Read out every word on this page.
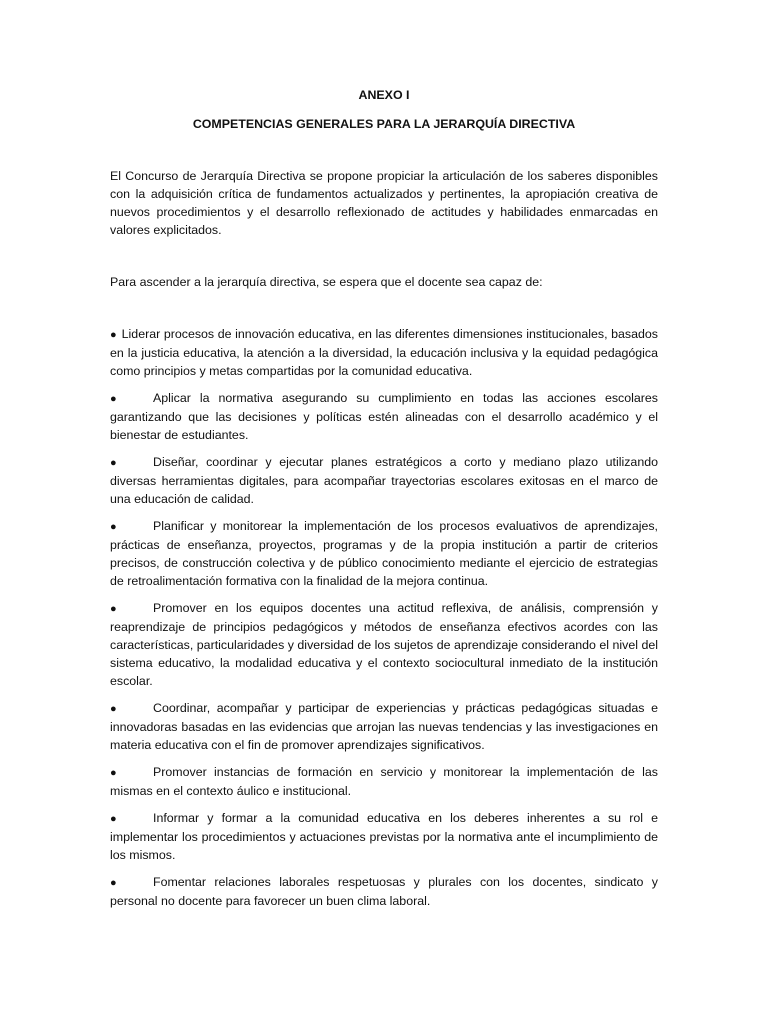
ANEXO I

COMPETENCIAS GENERALES PARA LA JERARQUÍA DIRECTIVA

El Concurso de Jerarquía Directiva se propone propiciar la articulación de los saberes disponibles con la adquisición crítica de fundamentos actualizados y pertinentes, la apropiación creativa de nuevos procedimientos y el desarrollo reflexionado de actitudes y habilidades enmarcadas en valores explicitados.

Para ascender a la jerarquía directiva, se espera que el docente sea capaz de:

● Liderar procesos de innovación educativa, en las diferentes dimensiones institucionales, basados en la justicia educativa, la atención a la diversidad, la educación inclusiva y la equidad pedagógica como principios y metas compartidas por la comunidad educativa.
●	Aplicar la normativa asegurando su cumplimiento en todas las acciones escolares garantizando que las decisiones y políticas estén alineadas con el desarrollo académico y el bienestar de estudiantes.
●	Diseñar, coordinar y ejecutar planes estratégicos a corto y mediano plazo utilizando diversas herramientas digitales, para acompañar trayectorias escolares exitosas en el marco de una educación de calidad.
●	Planificar y monitorear la implementación de los procesos evaluativos de aprendizajes, prácticas de enseñanza, proyectos, programas y de la propia institución a partir de criterios precisos, de construcción colectiva y de público conocimiento mediante el ejercicio de estrategias de retroalimentación formativa con la finalidad de la mejora continua.
●	Promover en los equipos docentes una actitud reflexiva, de análisis, comprensión y reaprendizaje de principios pedagógicos y métodos de enseñanza efectivos acordes con las características, particularidades y diversidad de los sujetos de aprendizaje considerando el nivel del sistema educativo, la modalidad educativa y el contexto sociocultural inmediato de la institución escolar.
●	Coordinar, acompañar y participar de experiencias y prácticas pedagógicas situadas e innovadoras basadas en las evidencias que arrojan las nuevas tendencias y las investigaciones en materia educativa con el fin de promover aprendizajes significativos.
●	Promover instancias de formación en servicio y monitorear la implementación de las mismas en el contexto áulico e institucional.
●	Informar y formar a la comunidad educativa en los deberes inherentes a su rol e implementar los procedimientos y actuaciones previstas por la normativa ante el incumplimiento de los mismos.
●	Fomentar relaciones laborales respetuosas y plurales con los docentes, sindicato y personal no docente para favorecer un buen clima laboral.
